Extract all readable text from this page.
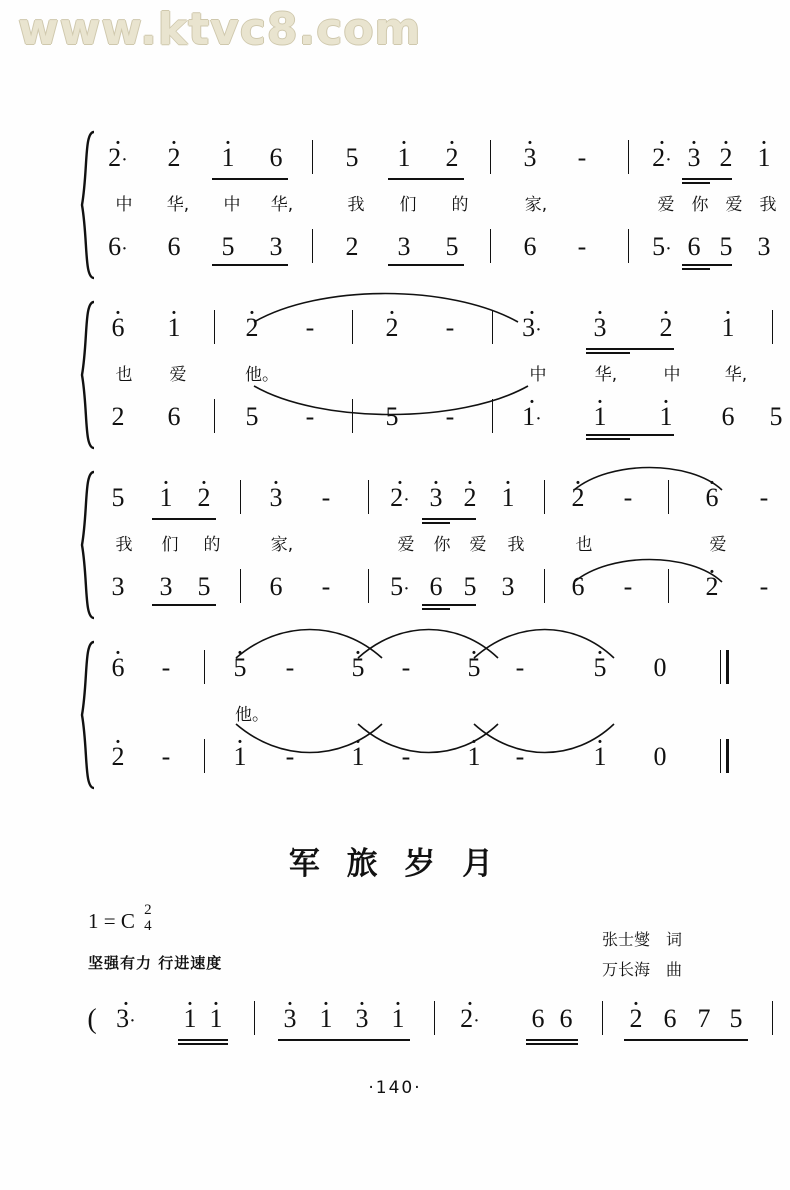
www.ktvc8.com
· 2· · 2 · 1 6 5 · 1 · 2	· 3 -	· 2· · 3 · 2 · 1
中 华, 中 华,	我 们 的	家,	爱 你 爱 我
6· 6 5 3 2 3 5	6 -	5· 6 5 3
· 6 · 1	· 2 -	· 2 -	· 3· · 3 · 2 · 1
也 爱	他。	中	华,	中	华,
2 6	5 -	5 -	· 1· · 1 · 1 6 5
5 · 1 · 2 · 3 - · 2· · 3 · 2 · 1 · 2 -	· 6 -
我 们 的	家,	爱 你 爱 我	也	爱
3 3 5 6 - 5· 6 5 3 6 -	· 2 -
· 6 - · 5 - · 5 - · 5 -	· 5 0
他。
· 2 - · 1 - · 1 - · 1 -	· 1 0
军 旅 岁 月
1 = C 2
4
坚强有力 行进速度
张士燮 词
万长海 曲
( · 3· · 1 · 1 · 3 · 1 · 3 · 1 · 2· 6 6 · 2 6 7 5
·140·
